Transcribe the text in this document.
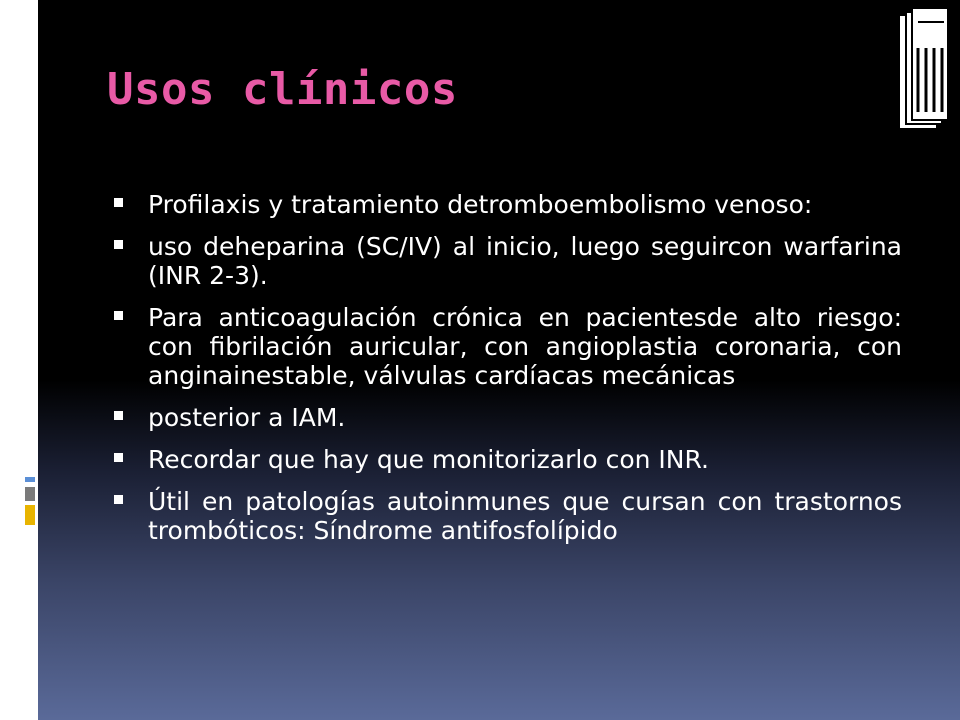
Usos clínicos
Profilaxis y tratamiento detromboembolismo venoso:
uso deheparina (SC/IV) al inicio, luego seguircon warfarina (INR 2-3).
Para anticoagulación crónica en pacientesde alto riesgo: con fibrilación auricular, con angioplastia coronaria, con anginainestable, válvulas cardíacas mecánicas
posterior a IAM.
Recordar que hay que monitorizarlo con INR.
Útil en patologías autoinmunes que cursan con trastornos trombóticos: Síndrome antifosfolípido
